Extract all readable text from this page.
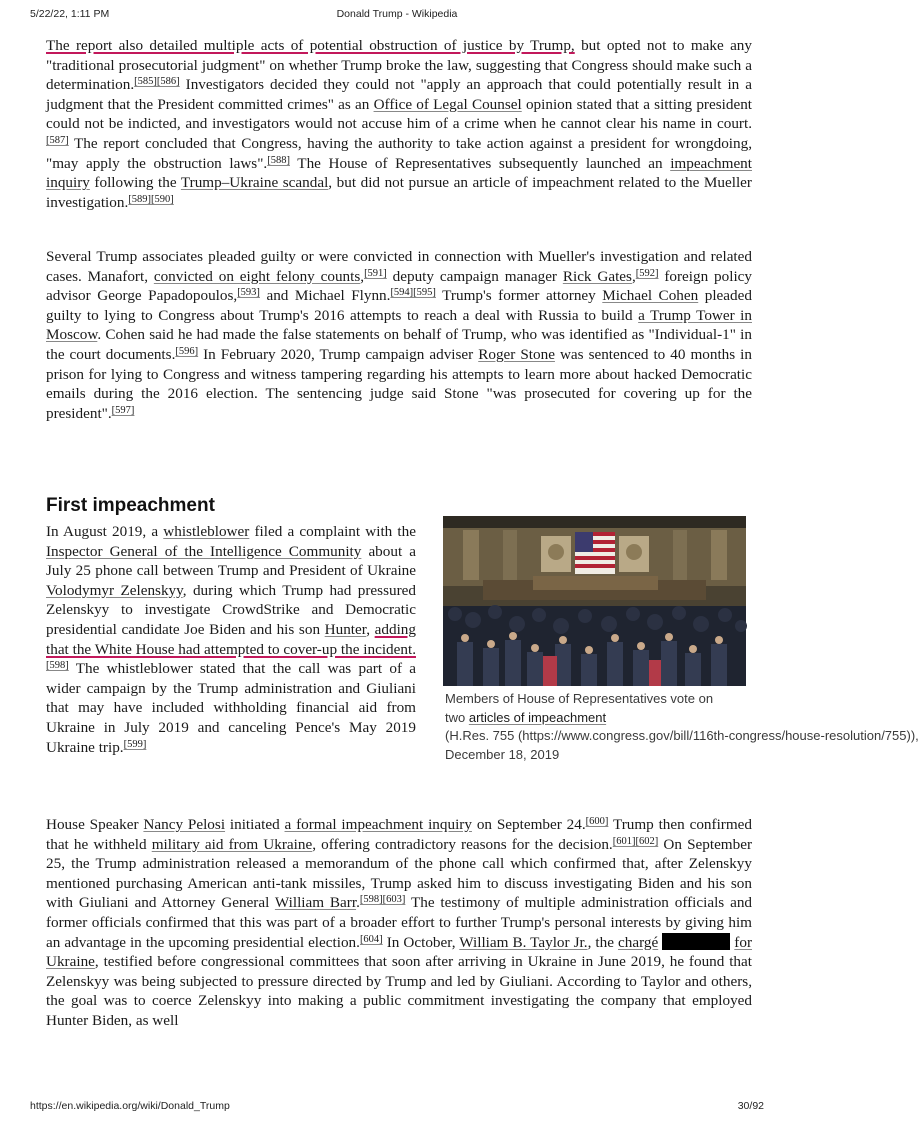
5/22/22, 1:11 PM	Donald Trump - Wikipedia
The report also detailed multiple acts of potential obstruction of justice by Trump, but opted not to make any "traditional prosecutorial judgment" on whether Trump broke the law, suggesting that Congress should make such a determination.[585][586] Investigators decided they could not "apply an approach that could potentially result in a judgment that the President committed crimes" as an Office of Legal Counsel opinion stated that a sitting president could not be indicted, and investigators would not accuse him of a crime when he cannot clear his name in court.[587] The report concluded that Congress, having the authority to take action against a president for wrongdoing, "may apply the obstruction laws".[588] The House of Representatives subsequently launched an impeachment inquiry following the Trump–Ukraine scandal, but did not pursue an article of impeachment related to the Mueller investigation.[589][590]
Several Trump associates pleaded guilty or were convicted in connection with Mueller's investigation and related cases. Manafort, convicted on eight felony counts,[591] deputy campaign manager Rick Gates,[592] foreign policy advisor George Papadopoulos,[593] and Michael Flynn.[594][595] Trump's former attorney Michael Cohen pleaded guilty to lying to Congress about Trump's 2016 attempts to reach a deal with Russia to build a Trump Tower in Moscow. Cohen said he had made the false statements on behalf of Trump, who was identified as "Individual-1" in the court documents.[596] In February 2020, Trump campaign adviser Roger Stone was sentenced to 40 months in prison for lying to Congress and witness tampering regarding his attempts to learn more about hacked Democratic emails during the 2016 election. The sentencing judge said Stone "was prosecuted for covering up for the president".[597]
First impeachment
In August 2019, a whistleblower filed a complaint with the Inspector General of the Intelligence Community about a July 25 phone call between Trump and President of Ukraine Volodymyr Zelenskyy, during which Trump had pressured Zelenskyy to investigate CrowdStrike and Democratic presidential candidate Joe Biden and his son Hunter, adding that the White House had attempted to cover-up the incident.[598] The whistleblower stated that the call was part of a wider campaign by the Trump administration and Giuliani that may have included withholding financial aid from Ukraine in July 2019 and canceling Pence's May 2019 Ukraine trip.[599]
Members of House of Representatives vote on
two articles of impeachment
(H.Res. 755 (https://www.congress.gov/bill/116th-congress/house-resolution/755)),
December 18, 2019
House Speaker Nancy Pelosi initiated a formal impeachment inquiry on September 24.[600] Trump then confirmed that he withheld military aid from Ukraine, offering contradictory reasons for the decision.[601][602] On September 25, the Trump administration released a memorandum of the phone call which confirmed that, after Zelenskyy mentioned purchasing American anti-tank missiles, Trump asked him to discuss investigating Biden and his son with Giuliani and Attorney General William Barr.[598][603] The testimony of multiple administration officials and former officials confirmed that this was part of a broader effort to further Trump's personal interests by giving him an advantage in the upcoming presidential election.[604] In October, William B. Taylor Jr., the chargé	for Ukraine, testified before congressional committees that soon after arriving in Ukraine in June 2019, he found that Zelenskyy was being subjected to pressure directed by Trump and led by Giuliani. According to Taylor and others, the goal was to coerce Zelenskyy into making a public commitment investigating the company that employed Hunter Biden, as well
https://en.wikipedia.org/wiki/Donald_Trump	30/92
